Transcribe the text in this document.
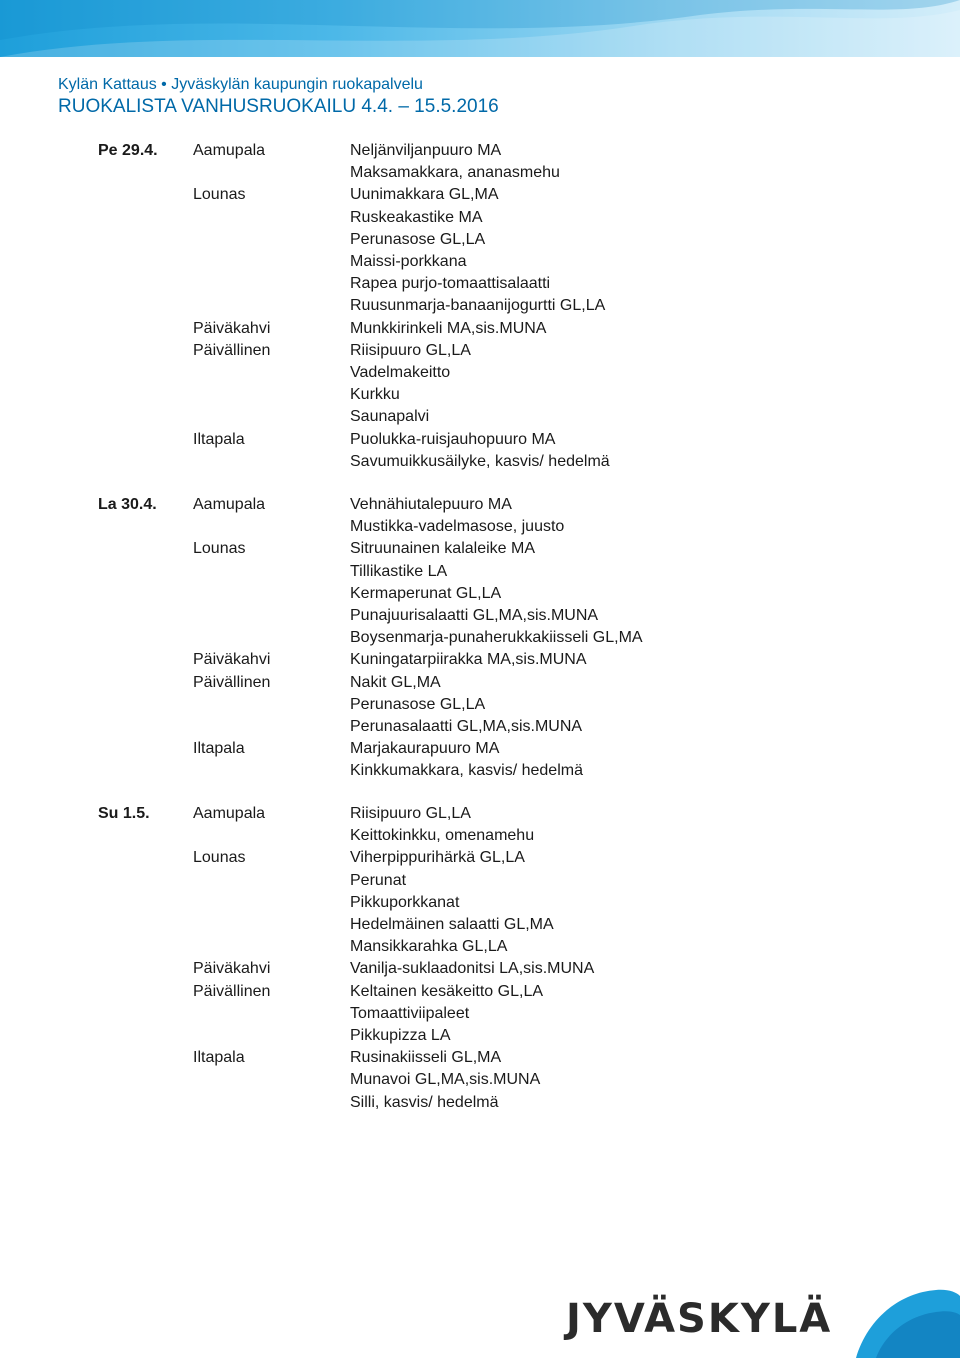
Kylän Kattaus • Jyväskylän kaupungin ruokapalvelu
RUOKALISTA VANHUSRUOKAILU 4.4. – 15.5.2016
Pe 29.4. Aamupala	Neljänviljanpuuro MA
Maksamakkara, ananasmehu
Lounas	Uunimakkara GL,MA
Ruskeakastike MA
Perunasose GL,LA
Maissi-porkkana
Rapea purjo-tomaattisalaatti
Ruusunmarja-banaanijogurtti GL,LA
Päiväkahvi	Munkkirinkeli MA,sis.MUNA
Päivällinen	Riisipuuro GL,LA
Vadelmakeitto
Kurkku
Saunapalvi
Iltapala	Puolukka-ruisjauhopuuro MA
Savumuikkusäilyke, kasvis/ hedelmä
La 30.4. Aamupala	Vehnähiutalepuuro MA
Mustikka-vadelmasose, juusto
Lounas	Sitruunainen kalaleike MA
Tillikastike LA
Kermaperunat GL,LA
Punajuurisalaatti GL,MA,sis.MUNA
Boysenmarja-punaherukkakiisseli GL,MA
Päiväkahvi	Kuningatarpiirakka MA,sis.MUNA
Päivällinen	Nakit GL,MA
Perunasose GL,LA
Perunasalaatti GL,MA,sis.MUNA
Iltapala	Marjakaurapuuro MA
Kinkkumakkara, kasvis/ hedelmä
Su 1.5.	Aamupala	Riisipuuro GL,LA
Keittokinkku, omenamehu
Lounas	Viherpippurihärkä GL,LA
Perunat
Pikkuporkkanat
Hedelmäinen salaatti GL,MA
Mansikkarahka GL,LA
Päiväkahvi	Vanilja-suklaadonitsi LA,sis.MUNA
Päivällinen	Keltainen kesäkeitto GL,LA
Tomaattiviipaleet
Pikkupizza LA
Iltapala	Rusinakiisseli GL,MA
Munavoi GL,MA,sis.MUNA
Silli, kasvis/ hedelmä
JYVÄSKYLÄ
